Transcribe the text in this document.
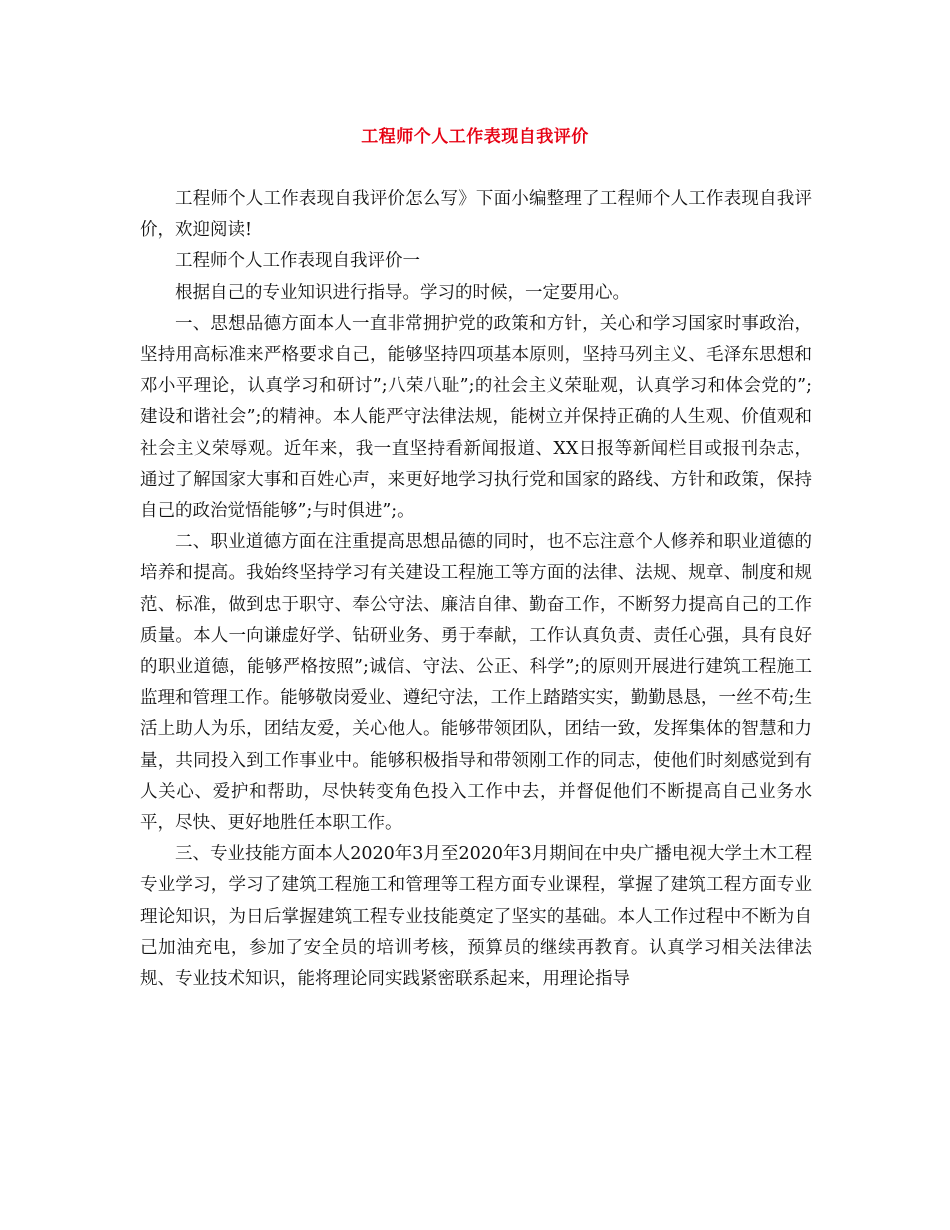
工程师个人工作表现自我评价

工程师个人工作表现自我评价怎么写》下面小编整理了工程师个人工作表现自我评价，欢迎阅读!

工程师个人工作表现自我评价一

根据自己的专业知识进行指导。学习的时候，一定要用心。

一、思想品德方面本人一直非常拥护党的政策和方针，关心和学习国家时事政治，坚持用高标准来严格要求自己，能够坚持四项基本原则，坚持马列主义、毛泽东思想和邓小平理论，认真学习和研讨”;八荣八耻”;的社会主义荣耻观，认真学习和体会党的”;建设和谐社会”;的精神。本人能严守法律法规，能树立并保持正确的人生观、价值观和社会主义荣辱观。近年来，我一直坚持看新闻报道、XX日报等新闻栏目或报刊杂志，通过了解国家大事和百姓心声，来更好地学习执行党和国家的路线、方针和政策，保持自己的政治觉悟能够”;与时俱进”;。

二、职业道德方面在注重提高思想品德的同时，也不忘注意个人修养和职业道德的培养和提高。我始终坚持学习有关建设工程施工等方面的法律、法规、规章、制度和规范、标准，做到忠于职守、奉公守法、廉洁自律、勤奋工作，不断努力提高自己的工作质量。本人一向谦虚好学、钻研业务、勇于奉献，工作认真负责、责任心强，具有良好的职业道德，能够严格按照”;诚信、守法、公正、科学”;的原则开展进行建筑工程施工监理和管理工作。能够敬岗爱业、遵纪守法，工作上踏踏实实，勤勤恳恳，一丝不苟;生活上助人为乐，团结友爱，关心他人。能够带领团队，团结一致，发挥集体的智慧和力量，共同投入到工作事业中。能够积极指导和带领刚工作的同志，使他们时刻感觉到有人关心、爱护和帮助，尽快转变角色投入工作中去，并督促他们不断提高自己业务水平，尽快、更好地胜任本职工作。

三、专业技能方面本人2020年3月至2020年3月期间在中央广播电视大学土木工程专业学习，学习了建筑工程施工和管理等工程方面专业课程，掌握了建筑工程方面专业理论知识，为日后掌握建筑工程专业技能奠定了坚实的基础。本人工作过程中不断为自己加油充电，参加了安全员的培训考核，预算员的继续再教育。认真学习相关法律法规、专业技术知识，能将理论同实践紧密联系起来，用理论指导
